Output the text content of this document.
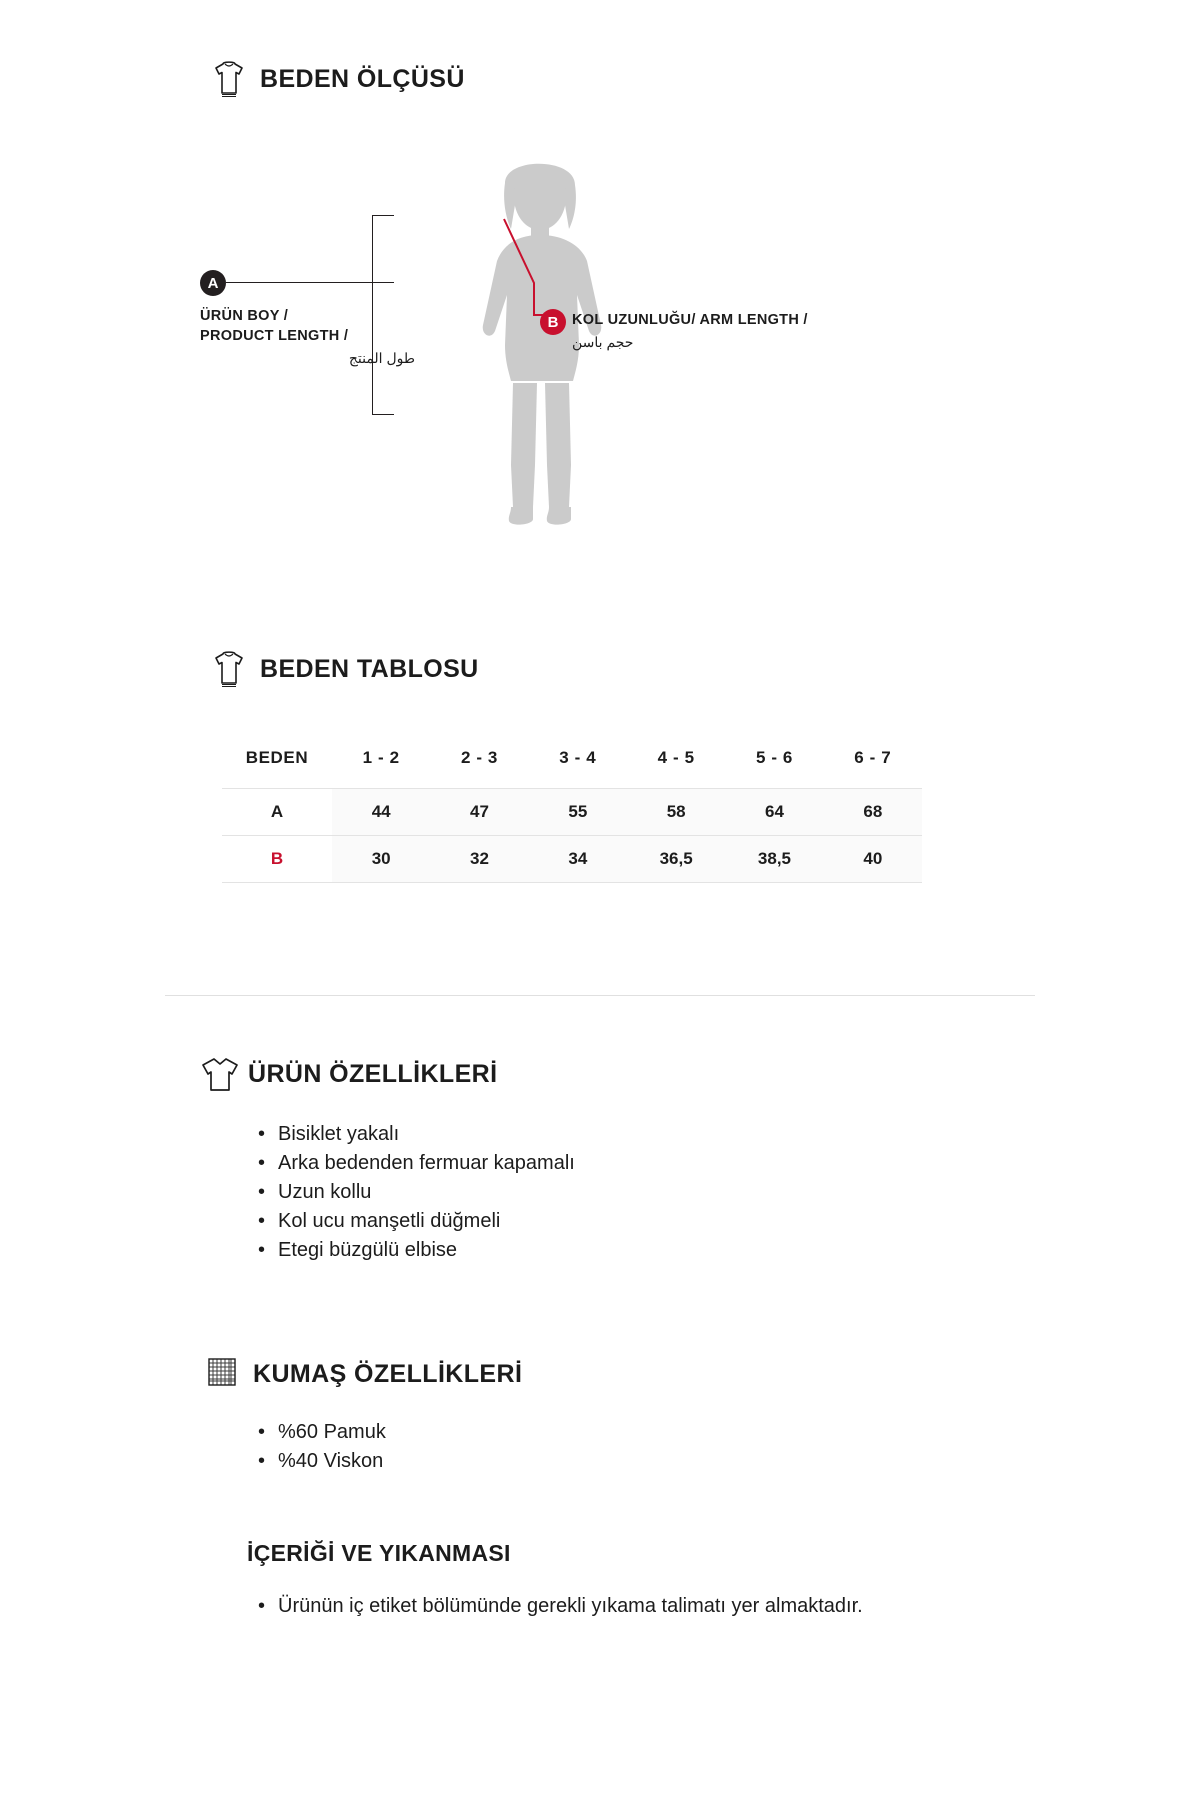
BEDEN ÖLÇÜSÜ
A
ÜRÜN BOY /
PRODUCT LENGTH /
طول المنتج
B KOL UZUNLUĞU/ ARM LENGTH /
حجم باسن
BEDEN TABLOSU
BEDEN	1 - 2	2 - 3	3 - 4	4 - 5	5 - 6	6 - 7
A	44	47	55	58	64	68
B	30	32	34	36,5	38,5	40
ÜRÜN ÖZELLİKLERİ
• Bisiklet yakalı
• Arka bedenden fermuar kapamalı
• Uzun kollu
• Kol ucu manşetli düğmeli
• Etegi büzgülü elbise
KUMAŞ ÖZELLİKLERİ
• %60 Pamuk
• %40 Viskon
İÇERİĞİ VE YIKANMASI
• Ürünün iç etiket bölümünde gerekli yıkama talimatı yer almaktadır.
